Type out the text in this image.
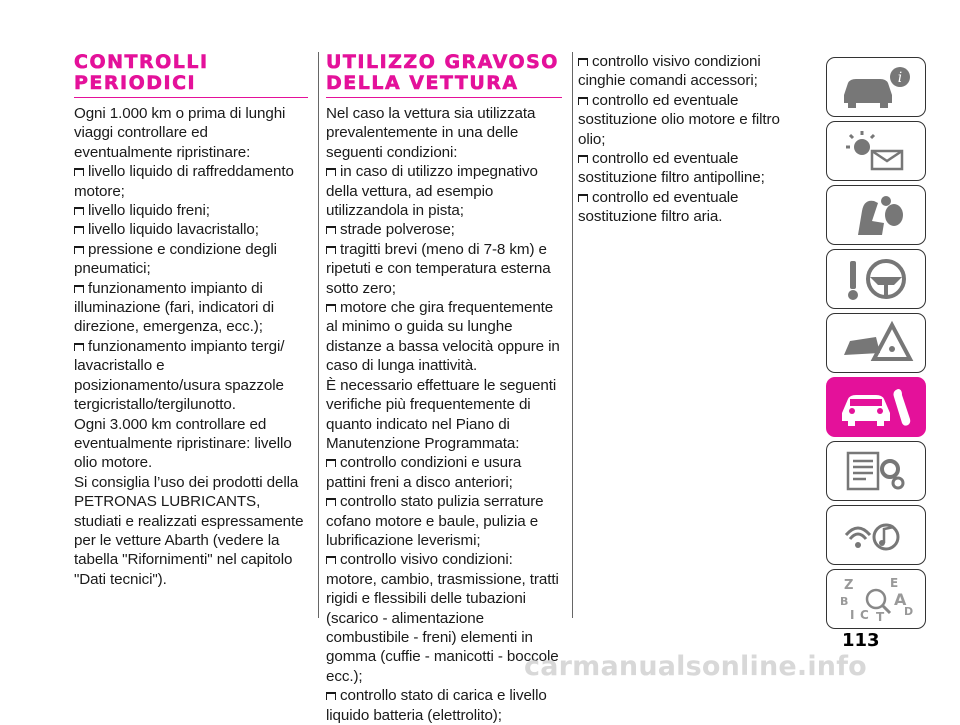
CONTROLLI PERIODICI

Ogni 1.000 km o prima di lunghi viaggi controllare ed eventualmente ripristinare:

livello liquido di raffreddamento motore;
livello liquido freni;
livello liquido lavacristallo;
pressione e condizione degli pneumatici;
funzionamento impianto di illuminazione (fari, indicatori di direzione, emergenza, ecc.);
funzionamento impianto tergi/ lavacristallo e posizionamento/usura spazzole tergicristallo/tergilunotto.

Ogni 3.000 km controllare ed eventualmente ripristinare: livello olio motore.

Si consiglia l’uso dei prodotti della PETRONAS LUBRICANTS, studiati e realizzati espressamente per le vetture Abarth (vedere la tabella "Rifornimenti" nel capitolo "Dati tecnici").

UTILIZZO GRAVOSO DELLA VETTURA

Nel caso la vettura sia utilizzata prevalentemente in una delle seguenti condizioni:

in caso di utilizzo impegnativo della vettura, ad esempio utilizzandola in pista;
strade polverose;
tragitti brevi (meno di 7-8 km) e ripetuti e con temperatura esterna sotto zero;
motore che gira frequentemente al minimo o guida su lunghe distanze a bassa velocità oppure in caso di lunga inattività.

È necessario effettuare le seguenti verifiche più frequentemente di quanto indicato nel Piano di Manutenzione Programmata:

controllo condizioni e usura pattini freni a disco anteriori;
controllo stato pulizia serrature cofano motore e baule, pulizia e lubrificazione leverismi;
controllo visivo condizioni: motore, cambio, trasmissione, tratti rigidi e flessibili delle tubazioni (scarico - alimentazione combustibile - freni) elementi in gomma (cuffie - manicotti - boccole ecc.);
controllo stato di carica e livello liquido batteria (elettrolito);
controllo visivo condizioni cinghie comandi accessori;
controllo ed eventuale sostituzione olio motore e filtro olio;
controllo ed eventuale sostituzione filtro antipolline;
controllo ed eventuale sostituzione filtro aria.
i
Z	E
B	A
I C T D
113
carmanualsonline.info
